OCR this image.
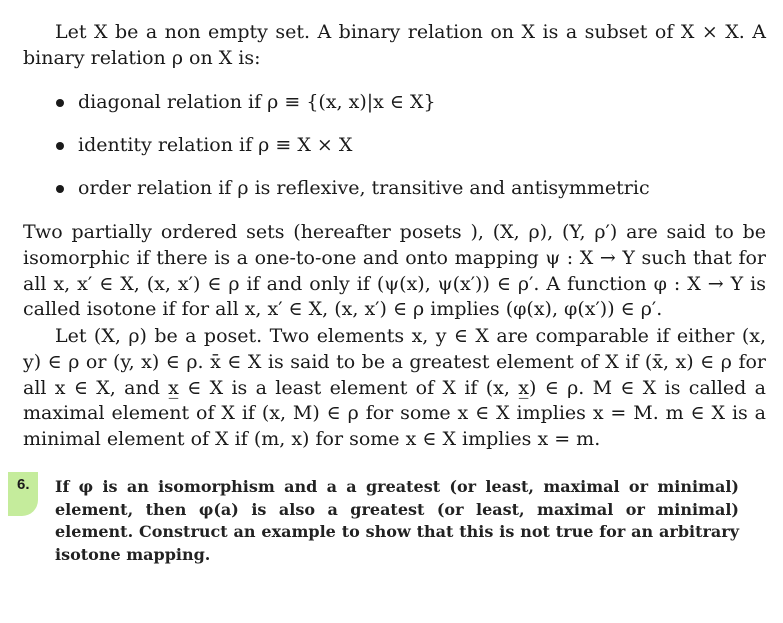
Let X be a non empty set. A binary relation on X is a subset of X × X. A binary relation ρ on X is:

diagonal relation if ρ ≡ {(x, x)|x ∈ X}
identity relation if ρ ≡ X × X
order relation if ρ is reflexive, transitive and antisymmetric

Two partially ordered sets (hereafter posets ), (X, ρ), (Y, ρ′) are said to be isomorphic if there is a one-to-one and onto mapping ψ : X → Y such that for all x, x′ ∈ X, (x, x′) ∈ ρ if and only if (ψ(x), ψ(x′)) ∈ ρ′. A function φ : X → Y is called isotone if for all x, x′ ∈ X, (x, x′) ∈ ρ implies (φ(x), φ(x′)) ∈ ρ′.

Let (X, ρ) be a poset. Two elements x, y ∈ X are comparable if either (x, y) ∈ ρ or (y, x) ∈ ρ. x̄ ∈ X is said to be a greatest element of X if (x̄, x) ∈ ρ for all x ∈ X, and x̲ ∈ X is a least element of X if (x, x̲) ∈ ρ. M ∈ X is called a maximal element of X if (x, M) ∈ ρ for some x ∈ X implies x = M. m ∈ X is a minimal element of X if (m, x) for some x ∈ X implies x = m.

6. If φ is an isomorphism and a a greatest (or least, maximal or minimal) element, then φ(a) is also a greatest (or least, maximal or minimal) element. Construct an example to show that this is not true for an arbitrary isotone mapping.
